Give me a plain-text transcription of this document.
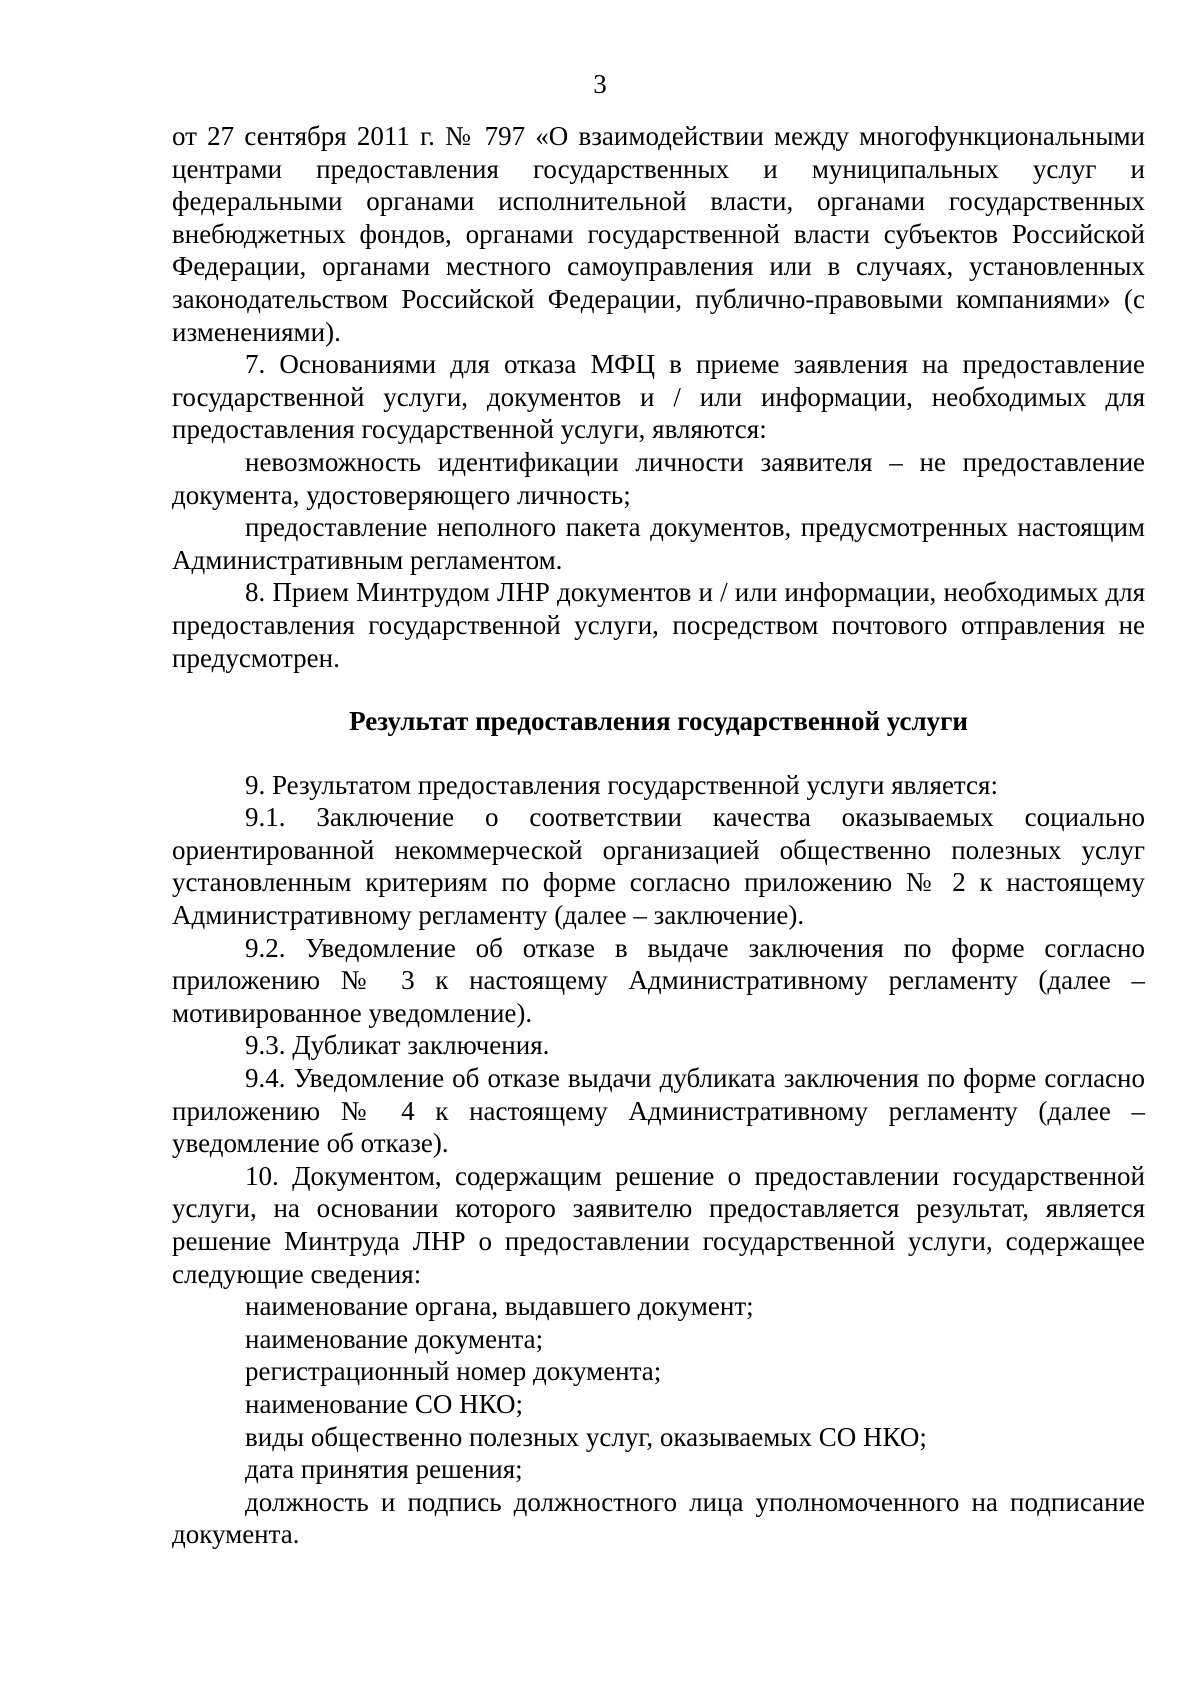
3

от 27 сентября 2011 г. № 797 «О взаимодействии между многофункциональными центрами предоставления государственных и муниципальных услуг и федеральными органами исполнительной власти, органами государственных внебюджетных фондов, органами государственной власти субъектов Российской Федерации, органами местного самоуправления или в случаях, установленных законодательством Российской Федерации, публично-правовыми компаниями» (с изменениями).

7. Основаниями для отказа МФЦ в приеме заявления на предоставление государственной услуги, документов и / или информации, необходимых для предоставления государственной услуги, являются:

невозможность идентификации личности заявителя – не предоставление документа, удостоверяющего личность;

предоставление неполного пакета документов, предусмотренных настоящим Административным регламентом.

8. Прием Минтрудом ЛНР документов и / или информации, необходимых для предоставления государственной услуги, посредством почтового отправления не предусмотрен.

Результат предоставления государственной услуги

9. Результатом предоставления государственной услуги является:

9.1. Заключение о соответствии качества оказываемых социально ориентированной некоммерческой организацией общественно полезных услуг установленным критериям по форме согласно приложению № 2 к настоящему Административному регламенту (далее – заключение).

9.2. Уведомление об отказе в выдаче заключения по форме согласно приложению № 3 к настоящему Административному регламенту (далее – мотивированное уведомление).

9.3. Дубликат заключения.

9.4. Уведомление об отказе выдачи дубликата заключения по форме согласно приложению № 4 к настоящему Административному регламенту (далее – уведомление об отказе).

10. Документом, содержащим решение о предоставлении государственной услуги, на основании которого заявителю предоставляется результат, является решение Минтруда ЛНР о предоставлении государственной услуги, содержащее следующие сведения:

наименование органа, выдавшего документ;

наименование документа;

регистрационный номер документа;

наименование СО НКО;

виды общественно полезных услуг, оказываемых СО НКО;

дата принятия решения;

должность и подпись должностного лица уполномоченного на подписание документа.
